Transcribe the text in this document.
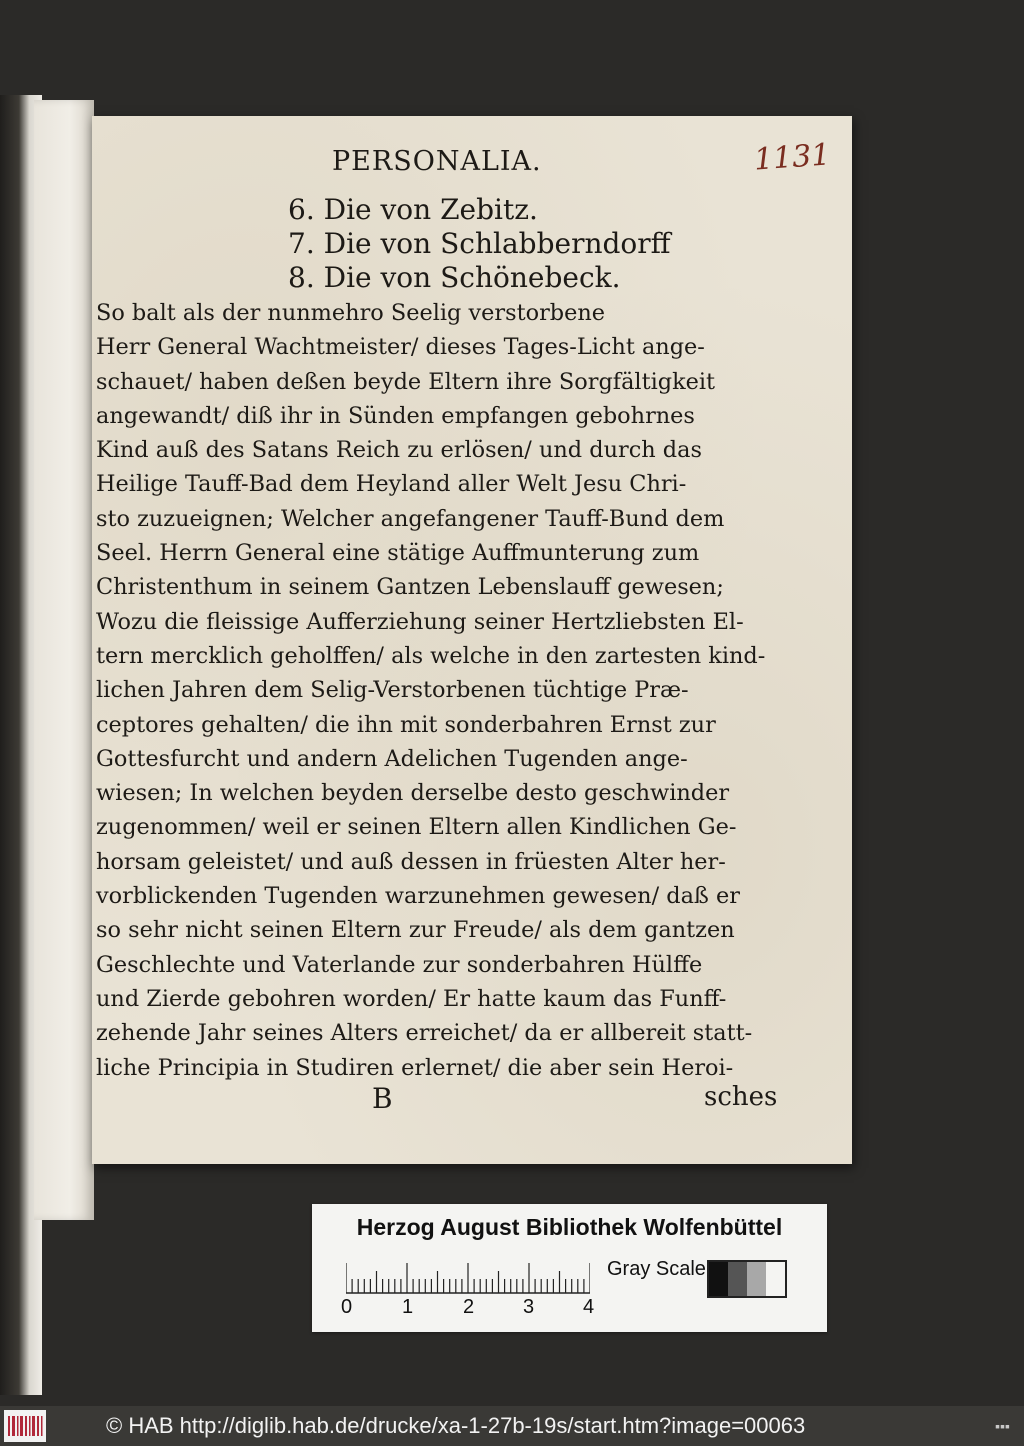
PERSONALIA.	1131
6. Die von Zebitz.
7. Die von Schlabberndorff
8. Die von Schönebeck.
So balt als der nunmehro Seelig verstorbene
Herr General Wachtmeister/ dieses Tages-Licht ange-
schauet/ haben deßen beyde Eltern ihre Sorgfältigkeit
angewandt/ diß ihr in Sünden empfangen gebohrnes
Kind auß des Satans Reich zu erlösen/ und durch das
Heilige Tauff-Bad dem Heyland aller Welt Jesu Chri-
sto zuzueignen; Welcher angefangener Tauff-Bund dem
Seel. Herrn General eine stätige Auffmunterung zum
Christenthum in seinem Gantzen Lebenslauff gewesen;
Wozu die fleissige Aufferziehung seiner Hertzliebsten El-
tern mercklich geholffen/ als welche in den zartesten kind-
lichen Jahren dem Selig-Verstorbenen tüchtige Præ-
ceptores gehalten/ die ihn mit sonderbahren Ernst zur
Gottesfurcht und andern Adelichen Tugenden ange-
wiesen; In welchen beyden derselbe desto geschwinder
zugenommen/ weil er seinen Eltern allen Kindlichen Ge-
horsam geleistet/ und auß dessen in früesten Alter her-
vorblickenden Tugenden warzunehmen gewesen/ daß er
so sehr nicht seinen Eltern zur Freude/ als dem gantzen
Geschlechte und Vaterlande zur sonderbahren Hülffe
und Zierde gebohren worden/ Er hatte kaum das Funff-
zehende Jahr seines Alters erreichet/ da er allbereit statt-
liche Principia in Studiren erlernet/ die aber sein Heroi-
B	sches
Herzog August Bibliothek Wolfenbüttel
0 1 2 3 4
Gray Scale
© HAB http://diglib.hab.de/drucke/xa-1-27b-19s/start.htm?image=00063	▪▪▪
